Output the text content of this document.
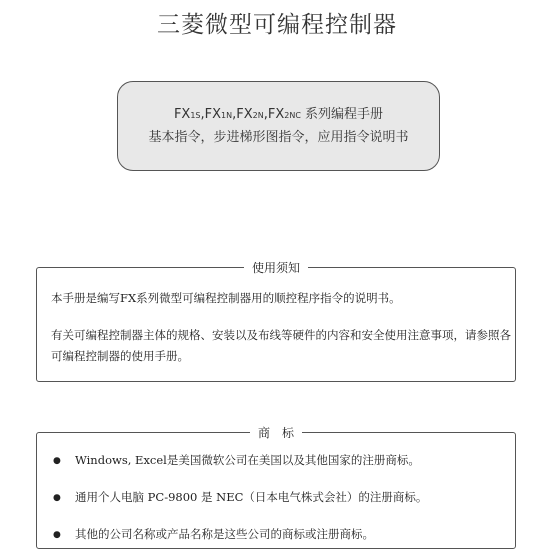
三菱微型可编程控制器
FX1S,FX1N,FX2N,FX2NC 系列编程手册
基本指令，步进梯形图指令，应用指令说明书
使用须知
本手册是编写FX系列微型可编程控制器用的顺控程序指令的说明书。
有关可编程控制器主体的规格、安装以及布线等硬件的内容和安全使用注意事项，请参照各可编程控制器的使用手册。
商　标
● Windows, Excel是美国微软公司在美国以及其他国家的注册商标。
● 通用个人电脑 PC-9800 是 NEC（日本电气株式会社）的注册商标。
● 其他的公司名称或产品名称是这些公司的商标或注册商标。
